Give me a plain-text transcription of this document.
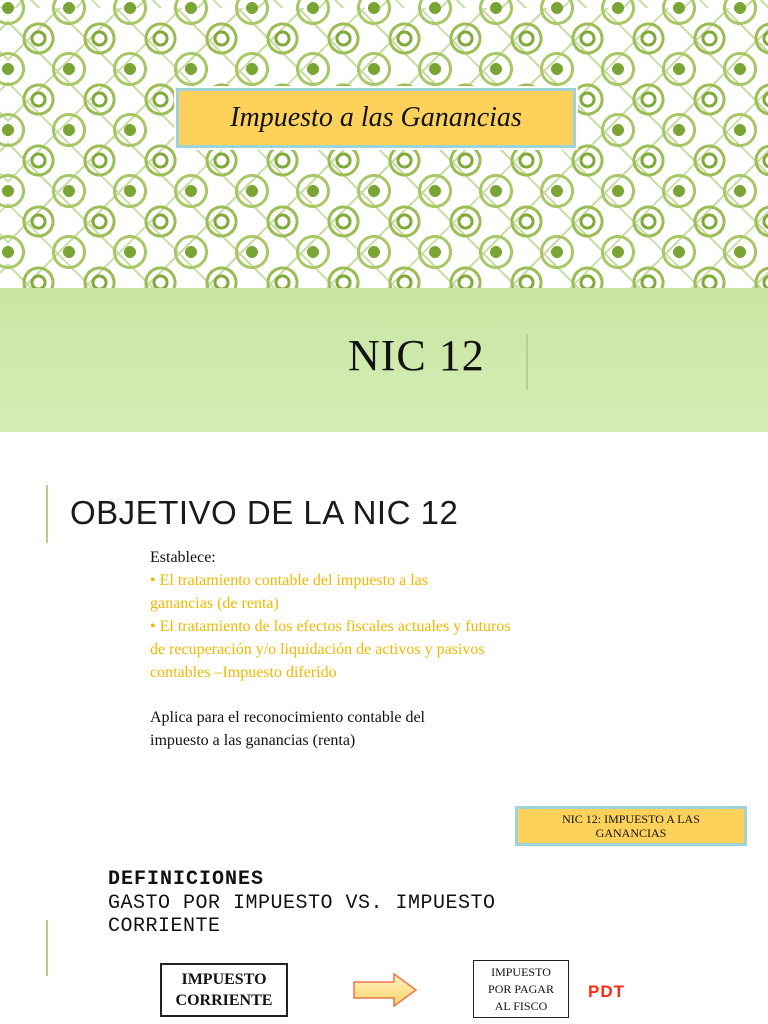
Impuesto a las Ganancias
NIC 12
OBJETIVO DE LA NIC 12
Establece:
• El tratamiento contable del impuesto a las
ganancias (de renta)
• El tratamiento de los efectos fiscales actuales y futuros
de recuperación y/o liquidación de activos y pasivos
contables –Impuesto diferido
Aplica para el reconocimiento contable del
impuesto a las ganancias (renta)
NIC 12: IMPUESTO A LAS
GANANCIAS
DEFINICIONES
GASTO POR IMPUESTO VS. IMPUESTO
CORRIENTE
IMPUESTO
CORRIENTE
IMPUESTO
POR PAGAR
AL FISCO
PDT
